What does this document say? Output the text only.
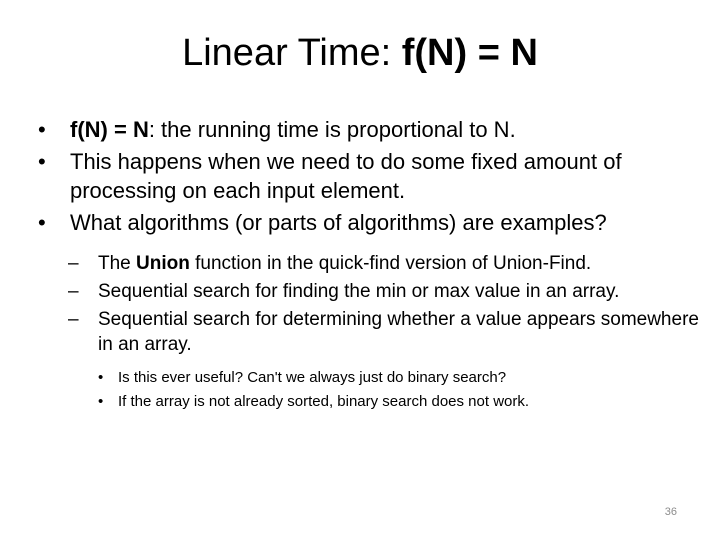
Linear Time: f(N) = N
•	f(N) = N: the running time is proportional to N.
•	This happens when we need to do some fixed amount of processing on each input element.
•	What algorithms (or parts of algorithms) are examples?
–	The Union function in the quick-find version of Union-Find.
–	Sequential search for finding the min or max value in an array.
–	Sequential search for determining whether a value appears somewhere in an array.
• Is this ever useful? Can't we always just do binary search?
• If the array is not already sorted, binary search does not work.
36
